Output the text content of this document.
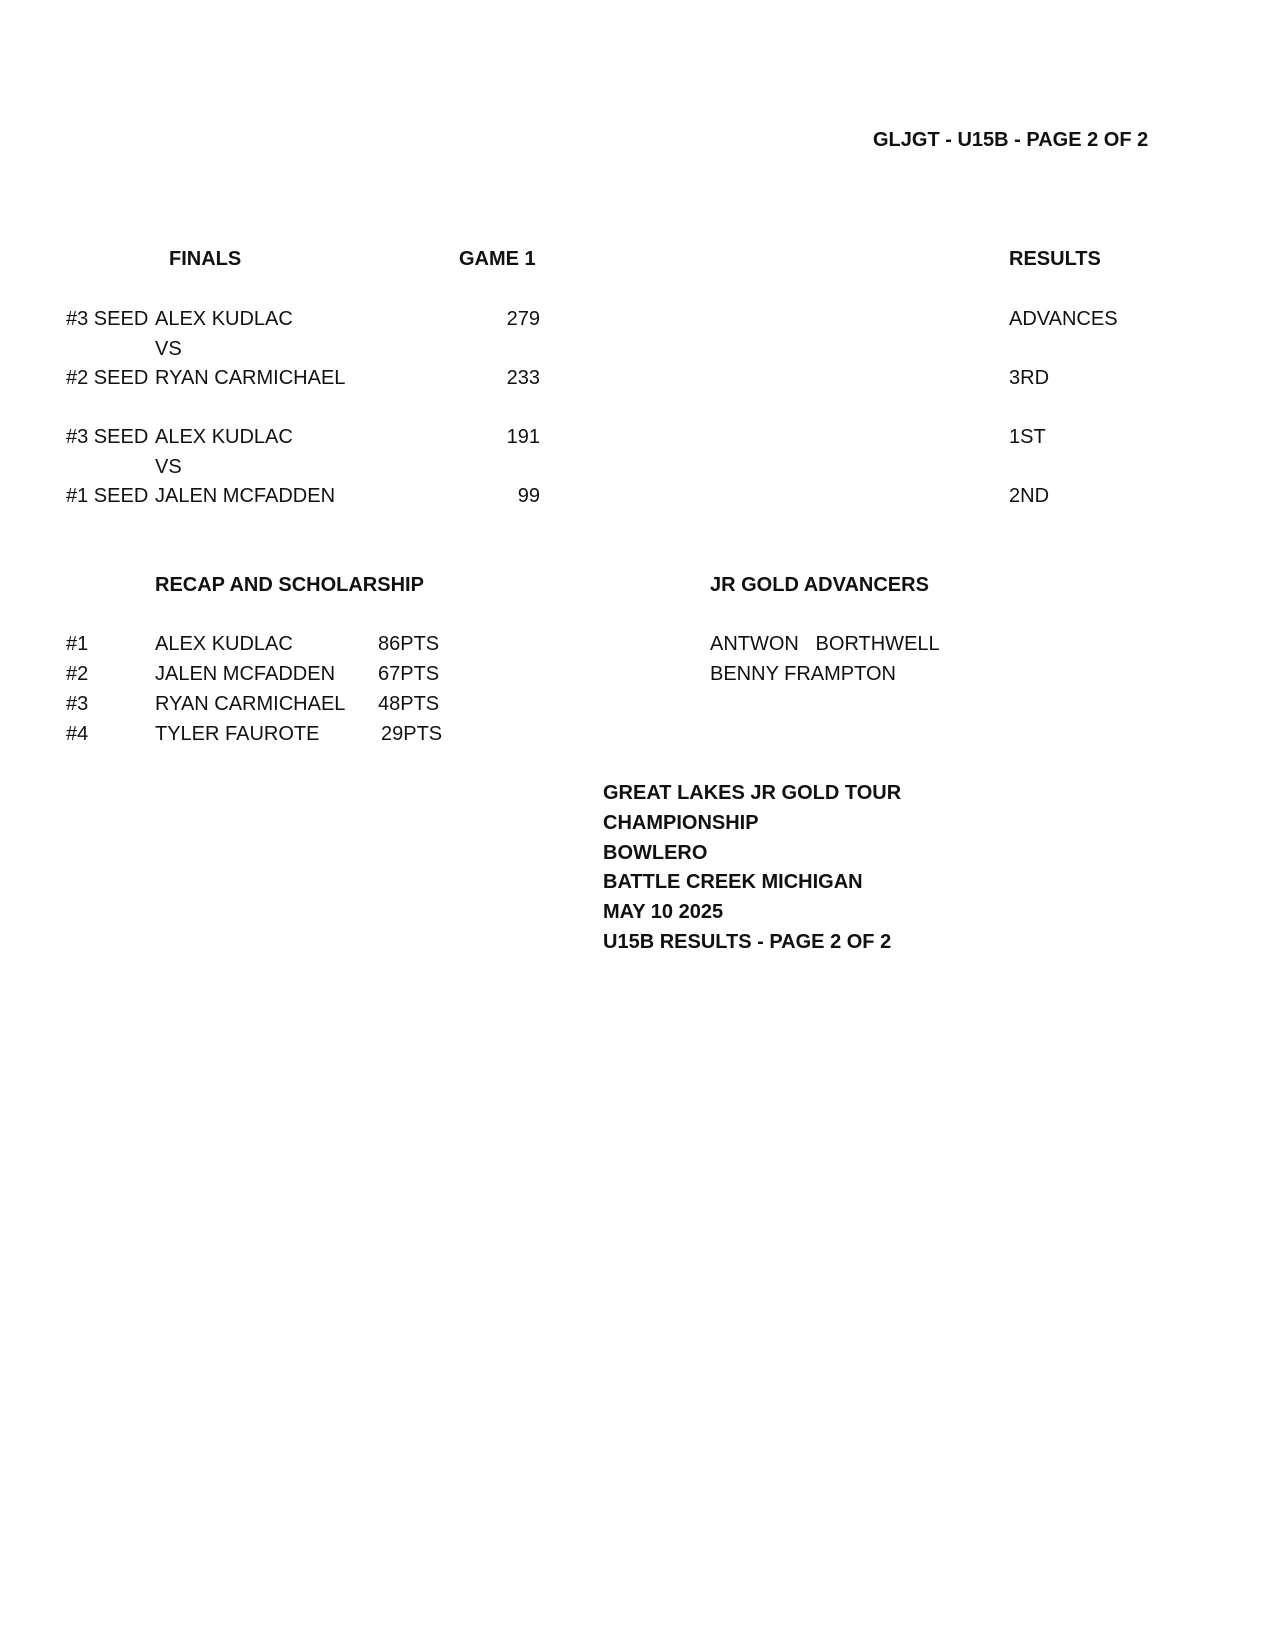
GLJGT - U15B - PAGE 2 OF 2
FINALS	GAME 1	RESULTS
#3 SEED ALEX KUDLAC	279	ADVANCES
VS
#2 SEED RYAN CARMICHAEL	233	3RD
#3 SEED ALEX KUDLAC	191	1ST
VS
#1 SEED JALEN MCFADDEN	99	2ND
RECAP AND SCHOLARSHIP
#1	ALEX KUDLAC	86PTS
#2	JALEN MCFADDEN 67PTS
#3	RYAN CARMICHAEL 48PTS
#4	TYLER FAUROTE	29PTS
JR GOLD ADVANCERS
ANTWON   BORTHWELL
BENNY FRAMPTON
GREAT LAKES JR GOLD TOUR
CHAMPIONSHIP
BOWLERO
BATTLE CREEK MICHIGAN
MAY 10 2025
U15B RESULTS - PAGE 2 OF 2
